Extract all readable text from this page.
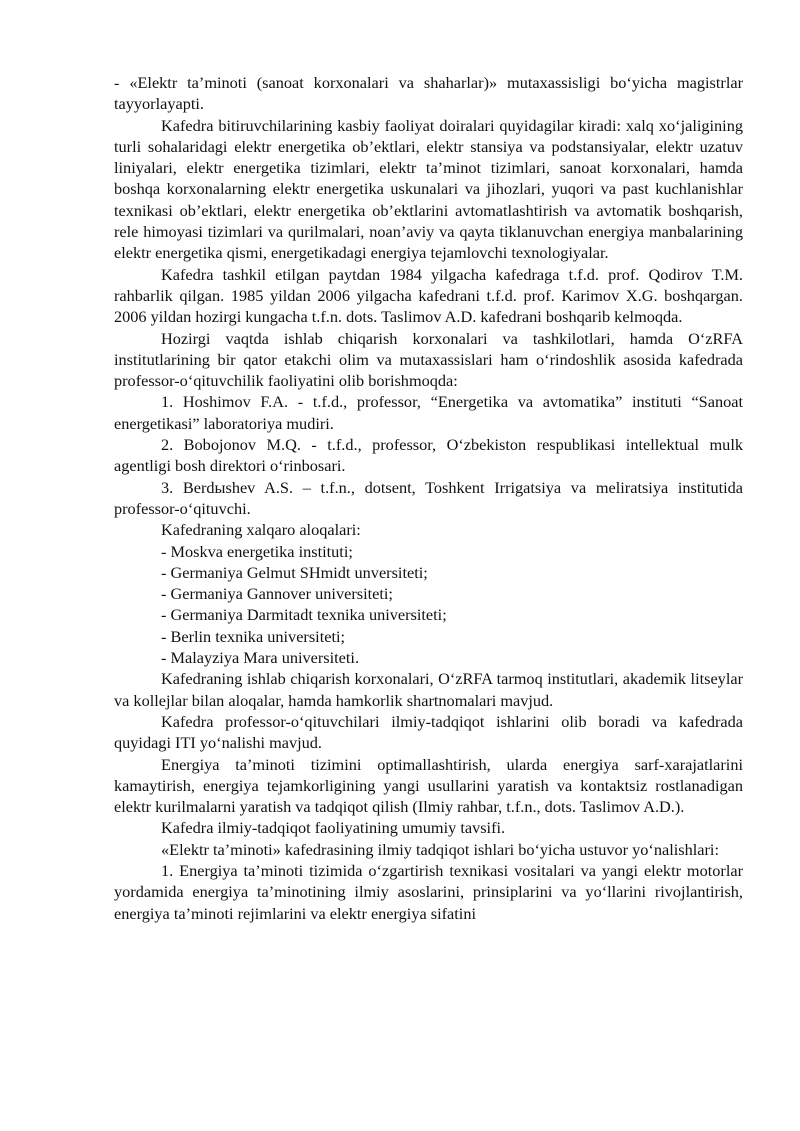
- «Elektr ta’minoti (sanoat korxonalari va shaharlar)» mutaxassisligi bo‘yicha magistrlar tayyorlayapti.

Kafedra bitiruvchilarining kasbiy faoliyat doiralari quyidagilar kiradi: xalq xo‘jaligining turli sohalaridagi elektr energetika ob’ektlari, elektr stansiya va podstansiyalar, elektr uzatuv liniyalari, elektr energetika tizimlari, elektr ta’minot tizimlari, sanoat korxonalari, hamda boshqa korxonalarning elektr energetika uskunalari va jihozlari, yuqori va past kuchlanishlar texnikasi ob’ektlari, elektr energetika ob’ektlarini avtomatlashtirish va avtomatik boshqarish, rele himoyasi tizimlari va qurilmalari, noan’aviy va qayta tiklanuvchan energiya manbalarining elektr energetika qismi, energetikadagi energiya tejamlovchi texnologiyalar.

Kafedra tashkil etilgan paytdan 1984 yilgacha kafedraga t.f.d. prof. Qodirov T.M. rahbarlik qilgan. 1985 yildan 2006 yilgacha kafedrani t.f.d. prof. Karimov X.G. boshqargan. 2006 yildan hozirgi kungacha t.f.n. dots. Taslimov A.D. kafedrani boshqarib kelmoqda.

Hozirgi vaqtda ishlab chiqarish korxonalari va tashkilotlari, hamda O‘zRFA institutlarining bir qator etakchi olim va mutaxassislari ham o‘rindoshlik asosida kafedrada professor-o‘qituvchilik faoliyatini olib borishmoqda:

1. Hoshimov F.A. - t.f.d., professor, “Energetika va avtomatika” instituti “Sanoat energetikasi” laboratoriya mudiri.

2. Bobojonov M.Q. - t.f.d., professor, O‘zbekiston respublikasi intellektual mulk agentligi bosh direktori o‘rinbosari.

3. Berdыshev A.S. – t.f.n., dotsent, Toshkent Irrigatsiya va meliratsiya institutida professor-o‘qituvchi.

Kafedraning xalqaro aloqalari:

- Moskva energetika instituti;

- Germaniya Gelmut SHmidt unversiteti;

- Germaniya Gannover universiteti;

- Germaniya Darmitadt texnika universiteti;

- Berlin texnika universiteti;

- Malayziya Mara universiteti.

Kafedraning ishlab chiqarish korxonalari, O‘zRFA tarmoq institutlari, akademik litseylar va kollejlar bilan aloqalar, hamda hamkorlik shartnomalari mavjud.

Kafedra professor-o‘qituvchilari ilmiy-tadqiqot ishlarini olib boradi va kafedrada quyidagi ITI yo‘nalishi mavjud.

Energiya ta’minoti tizimini optimallashtirish, ularda energiya sarf-xarajatlarini kamaytirish, energiya tejamkorligining yangi usullarini yaratish va kontaktsiz rostlanadigan elektr kurilmalarni yaratish va tadqiqot qilish (Ilmiy rahbar, t.f.n., dots. Taslimov A.D.).

Kafedra ilmiy-tadqiqot faoliyatining umumiy tavsifi.

«Elektr ta’minoti» kafedrasining ilmiy tadqiqot ishlari bo‘yicha ustuvor yo‘nalishlari:

1. Energiya ta’minoti tizimida o‘zgartirish texnikasi vositalari va yangi elektr motorlar yordamida energiya ta’minotining ilmiy asoslarini, prinsiplarini va yo‘llarini rivojlantirish, energiya ta’minoti rejimlarini va elektr energiya sifatini
